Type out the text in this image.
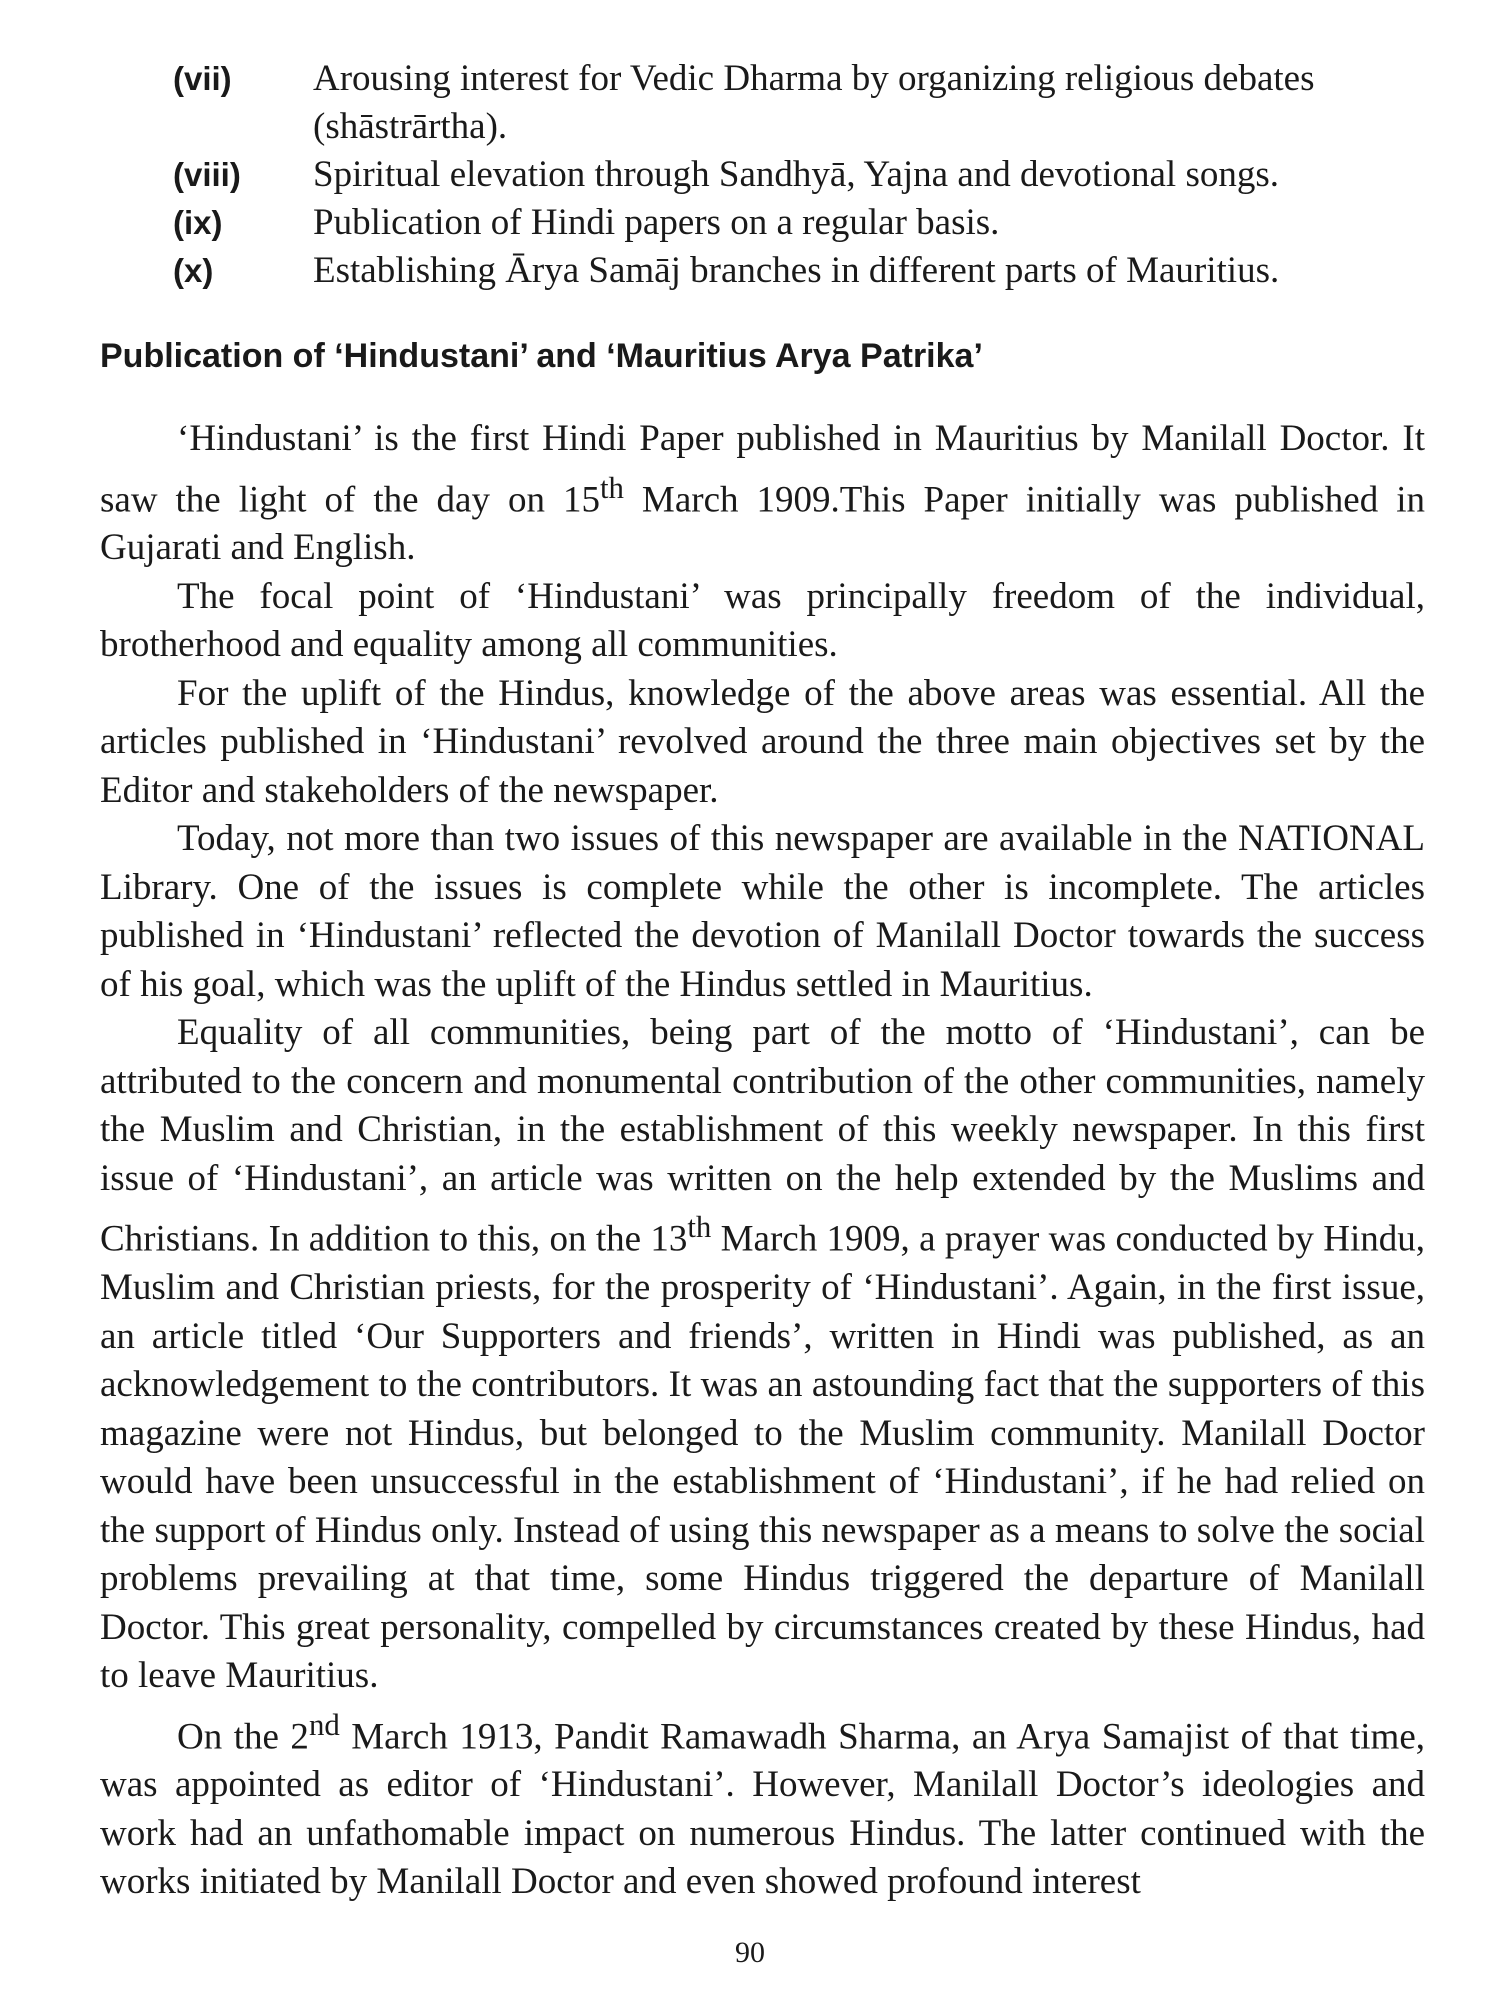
(vii)	Arousing interest for Vedic Dharma by organizing religious debates (shāstrārtha).
(viii)	Spiritual elevation through Sandhyā, Yajna and devotional songs.
(ix)	Publication of Hindi papers on a regular basis.
(x)	Establishing Ārya Samāj branches in different parts of Mauritius.
Publication of ‘Hindustani’ and ‘Mauritius Arya Patrika’

‘Hindustani’ is the first Hindi Paper published in Mauritius by Manilall Doctor. It saw the light of the day on 15th March 1909.This Paper initially was published in Gujarati and English.

The focal point of ‘Hindustani’ was principally freedom of the individual, brotherhood and equality among all communities.

For the uplift of the Hindus, knowledge of the above areas was essential. All the articles published in ‘Hindustani’ revolved around the three main objectives set by the Editor and stakeholders of the newspaper.

Today, not more than two issues of this newspaper are available in the NATIONAL Library. One of the issues is complete while the other is incomplete. The articles published in ‘Hindustani’ reflected the devotion of Manilall Doctor towards the success of his goal, which was the uplift of the Hindus settled in Mauritius.

Equality of all communities, being part of the motto of ‘Hindustani’, can be attributed to the concern and monumental contribution of the other communities, namely the Muslim and Christian, in the establishment of this weekly newspaper. In this first issue of ‘Hindustani’, an article was written on the help extended by the Muslims and Christians. In addition to this, on the 13th March 1909, a prayer was conducted by Hindu, Muslim and Christian priests, for the prosperity of ‘Hindustani’. Again, in the first issue, an article titled ‘Our Supporters and friends’, written in Hindi was published, as an acknowledgement to the contributors. It was an astounding fact that the supporters of this magazine were not Hindus, but belonged to the Muslim community. Manilall Doctor would have been unsuccessful in the establishment of ‘Hindustani’, if he had relied on the support of Hindus only. Instead of using this newspaper as a means to solve the social problems prevailing at that time, some Hindus triggered the departure of Manilall Doctor. This great personality, compelled by circumstances created by these Hindus, had to leave Mauritius.

On the 2nd March 1913, Pandit Ramawadh Sharma, an Arya Samajist of that time, was appointed as editor of ‘Hindustani’. However, Manilall Doctor’s ideologies and work had an unfathomable impact on numerous Hindus. The latter continued with the works initiated by Manilall Doctor and even showed profound interest

90
